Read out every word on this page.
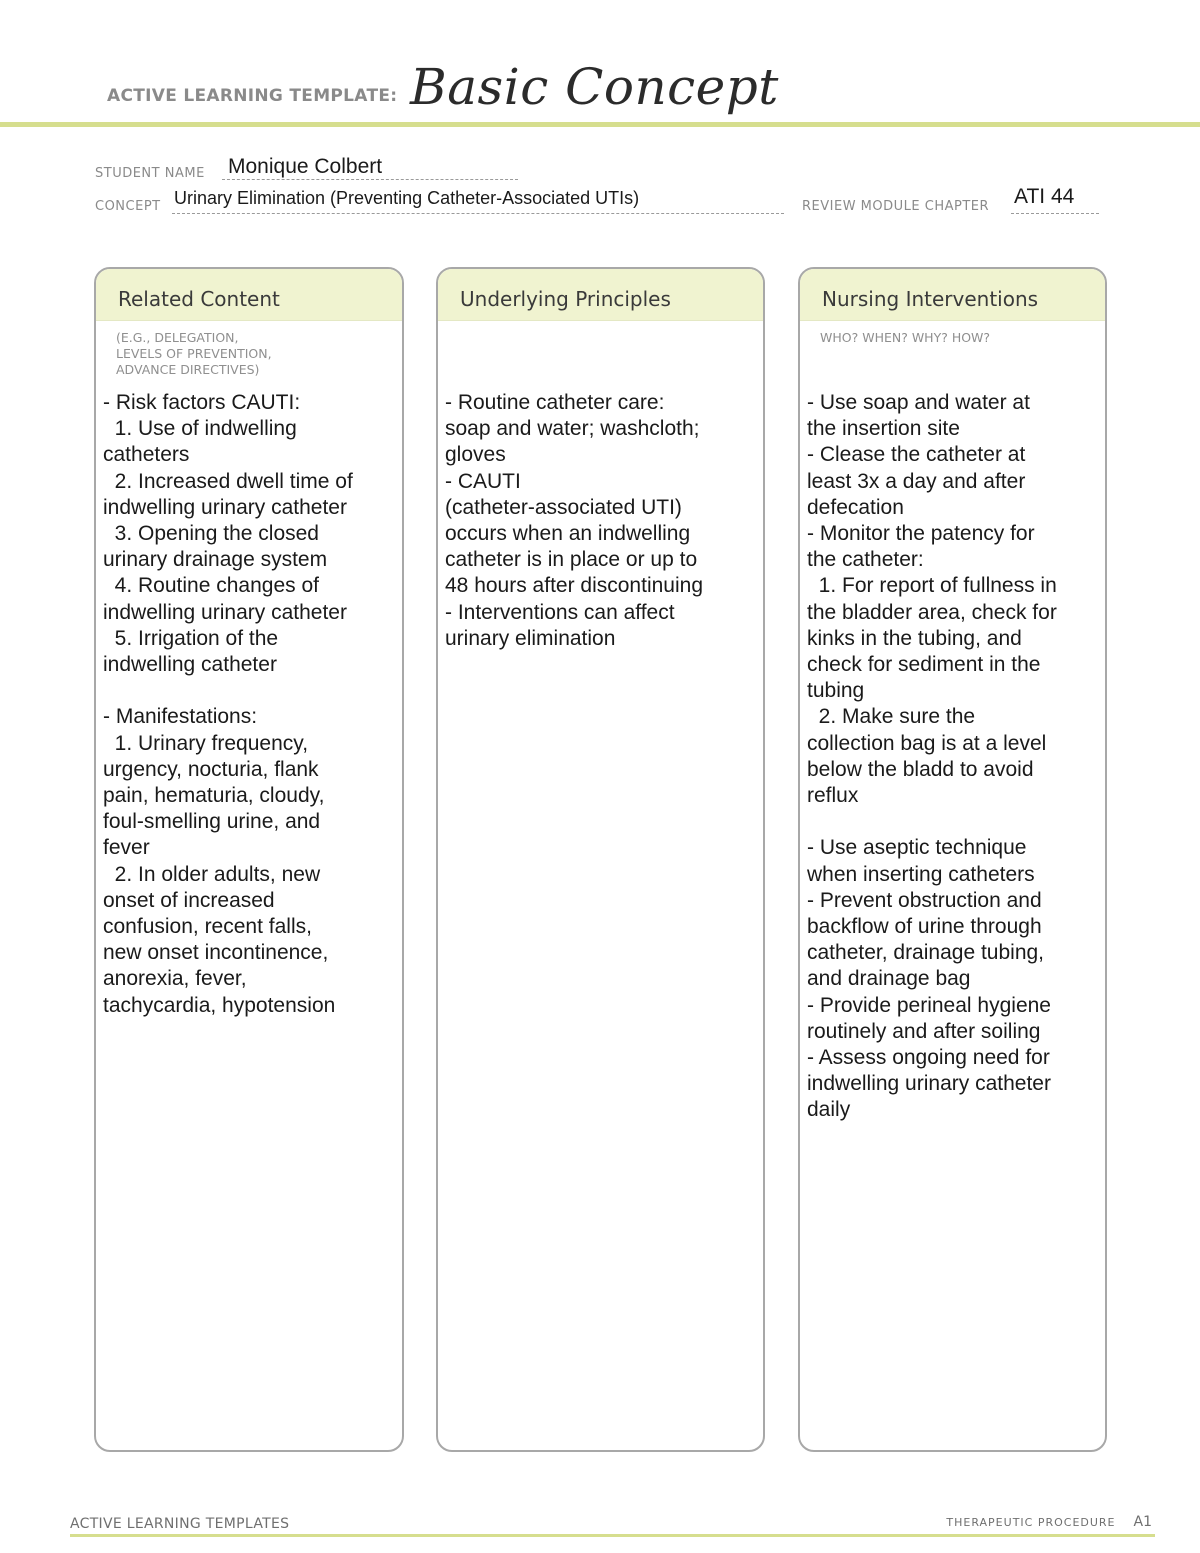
ACTIVE LEARNING TEMPLATE: Basic Concept
STUDENT NAME Monique Colbert
CONCEPT Urinary Elimination (Preventing Catheter-Associated UTIs)	REVIEW MODULE CHAPTER ATI 44
Related Content
(E.G., DELEGATION,
LEVELS OF PREVENTION,
ADVANCE DIRECTIVES)
- Risk factors CAUTI:
1. Use of indwelling
catheters
2. Increased dwell time of
indwelling urinary catheter
3. Opening the closed
urinary drainage system
4. Routine changes of
indwelling urinary catheter
5. Irrigation of the
indwelling catheter

- Manifestations:
1. Urinary frequency,
urgency, nocturia, flank
pain, hematuria, cloudy,
foul-smelling urine, and
fever
2. In older adults, new
onset of increased
confusion, recent falls,
new onset incontinence,
anorexia, fever,
tachycardia, hypotension
Underlying Principles
- Routine catheter care:
soap and water; washcloth;
gloves
- CAUTI
(catheter-associated UTI)
occurs when an indwelling
catheter is in place or up to
48 hours after discontinuing
- Interventions can affect
urinary elimination
Nursing Interventions
WHO? WHEN? WHY? HOW?
- Use soap and water at
the insertion site
- Clease the catheter at
least 3x a day and after
defecation
- Monitor the patency for
the catheter:
1. For report of fullness in
the bladder area, check for
kinks in the tubing, and
check for sediment in the
tubing
2. Make sure the
collection bag is at a level
below the bladd to avoid
reflux

- Use aseptic technique
when inserting catheters
- Prevent obstruction and
backflow of urine through
catheter, drainage tubing,
and drainage bag
- Provide perineal hygiene
routinely and after soiling
- Assess ongoing need for
indwelling urinary catheter
daily
ACTIVE LEARNING TEMPLATES	THERAPEUTIC PROCEDURE A1
